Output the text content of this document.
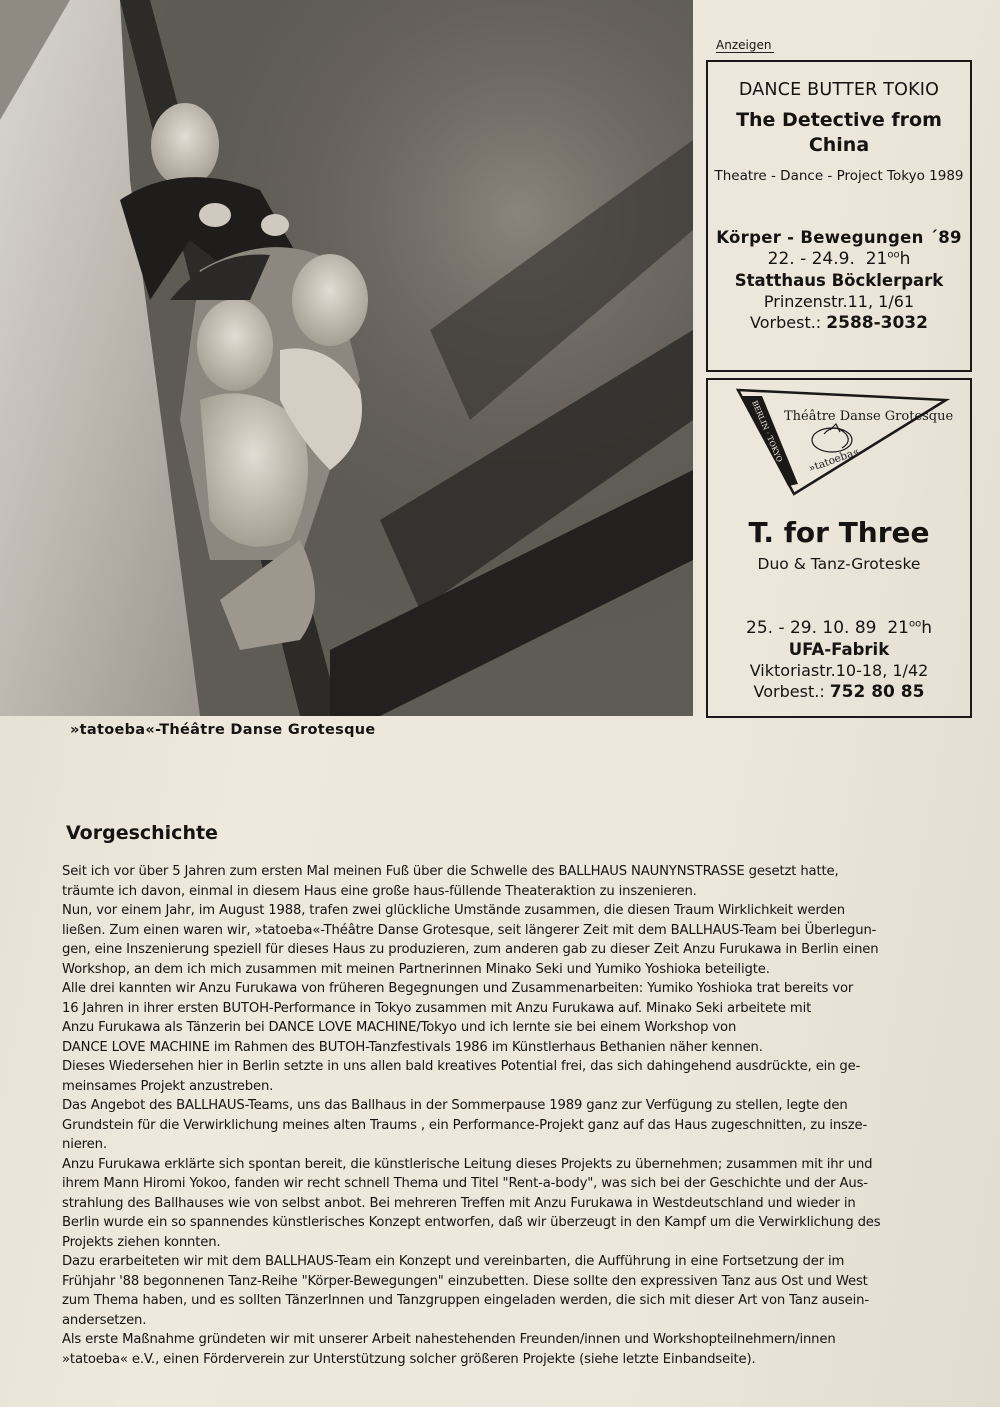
»tatoeba«-Théâtre Danse Grotesque
Anzeigen
DANCE BUTTER TOKIO
The Detective from
China
Theatre - Dance - Project Tokyo 1989
Körper - Bewegungen ´89
22. - 24.9. $21^{oo}h$
Statthaus Böcklerpark
Prinzenstr.11, 1/61
Vorbest.: 2588-3032
Théâtre Danse Grotesque
BERLIN · TOKYO »tatoeba«
T. for Three
Duo & Tanz-Groteske
25. - 29. 10. 89 $21^{oo}h$
UFA-Fabrik
Viktoriastr.10-18, 1/42
Vorbest.: 752 80 85
Vorgeschichte

Seit ich vor über 5 Jahren zum ersten Mal meinen Fuß über die Schwelle des BALLHAUS NAUNYNSTRASSE gesetzt hatte,

träumte ich davon, einmal in diesem Haus eine große haus-füllende Theateraktion zu inszenieren.

Nun, vor einem Jahr, im August 1988, trafen zwei glückliche Umstände zusammen, die diesen Traum Wirklichkeit werden

ließen. Zum einen waren wir, »tatoeba«-Théâtre Danse Grotesque, seit längerer Zeit mit dem BALLHAUS-Team bei Überlegun-

gen, eine Inszenierung speziell für dieses Haus zu produzieren, zum anderen gab zu dieser Zeit Anzu Furukawa in Berlin einen

Workshop, an dem ich mich zusammen mit meinen Partnerinnen Minako Seki und Yumiko Yoshioka beteiligte.

Alle drei kannten wir Anzu Furukawa von früheren Begegnungen und Zusammenarbeiten: Yumiko Yoshioka trat bereits vor

16 Jahren in ihrer ersten BUTOH-Performance in Tokyo zusammen mit Anzu Furukawa auf. Minako Seki arbeitete mit

Anzu Furukawa als Tänzerin bei DANCE LOVE MACHINE/Tokyo und ich lernte sie bei einem Workshop von

DANCE LOVE MACHINE im Rahmen des BUTOH-Tanzfestivals 1986 im Künstlerhaus Bethanien näher kennen.

Dieses Wiedersehen hier in Berlin setzte in uns allen bald kreatives Potential frei, das sich dahingehend ausdrückte, ein ge-

meinsames Projekt anzustreben.

Das Angebot des BALLHAUS-Teams, uns das Ballhaus in der Sommerpause 1989 ganz zur Verfügung zu stellen, legte den

Grundstein für die Verwirklichung meines alten Traums , ein Performance-Projekt ganz auf das Haus zugeschnitten, zu insze-

nieren.

Anzu Furukawa erklärte sich spontan bereit, die künstlerische Leitung dieses Projekts zu übernehmen; zusammen mit ihr und

ihrem Mann Hiromi Yokoo, fanden wir recht schnell Thema und Titel "Rent-a-body", was sich bei der Geschichte und der Aus-

strahlung des Ballhauses wie von selbst anbot. Bei mehreren Treffen mit Anzu Furukawa in Westdeutschland und wieder in

Berlin wurde ein so spannendes künstlerisches Konzept entworfen, daß wir überzeugt in den Kampf um die Verwirklichung des

Projekts ziehen konnten.

Dazu erarbeiteten wir mit dem BALLHAUS-Team ein Konzept und vereinbarten, die Aufführung in eine Fortsetzung der im

Frühjahr '88 begonnenen Tanz-Reihe "Körper-Bewegungen" einzubetten. Diese sollte den expressiven Tanz aus Ost und West

zum Thema haben, und es sollten TänzerInnen und Tanzgruppen eingeladen werden, die sich mit dieser Art von Tanz ausein-

andersetzen.

Als erste Maßnahme gründeten wir mit unserer Arbeit nahestehenden Freunden/innen und Workshopteilnehmern/innen

»tatoeba« e.V., einen Förderverein zur Unterstützung solcher größeren Projekte (siehe letzte Einbandseite).
